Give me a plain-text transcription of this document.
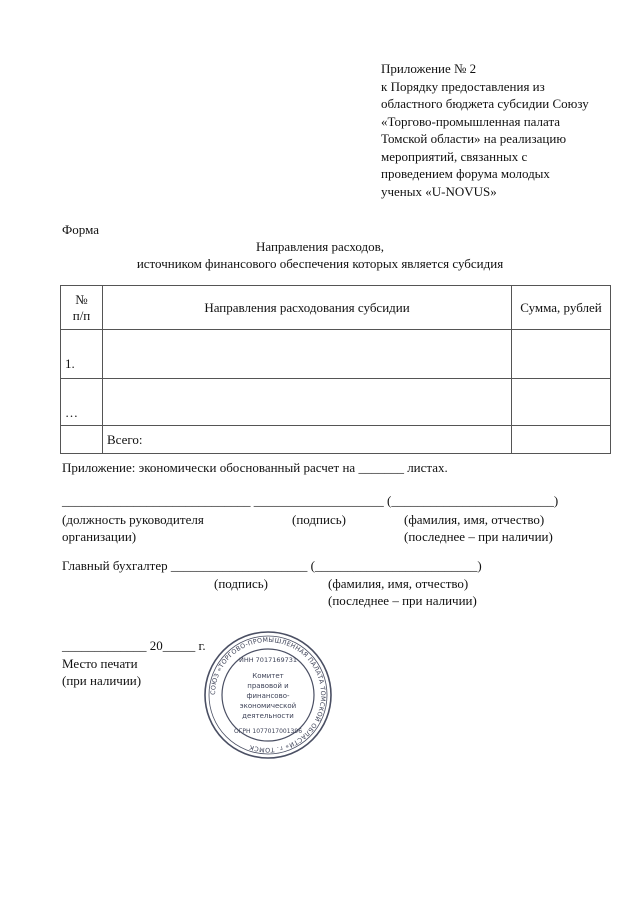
Приложение № 2
к Порядку предоставления из
областного бюджета субсидии Союзу
«Торгово-промышленная палата
Томской области» на реализацию
мероприятий, связанных с
проведением форума молодых
ученых «U-NOVUS»
Форма
Направления расходов,
источником финансового обеспечения которых является субсидия
№
п/п	Направления расходования субсидии	Сумма, рублей
1.		
…		
	Всего:	
Приложение: экономически обоснованный расчет на _______ листах.
_____________________________ ____________________ (_________________________)
(должность руководителя
организации)
(подпись)	(фамилия, имя, отчество)
(последнее – при наличии)
Главный бухгалтер _____________________ (_________________________)
(подпись)	(фамилия, имя, отчество)
(последнее – при наличии)
_____________ 20_____ г.
Место печати
(при наличии)
СОЮЗ «ТОРГОВО-ПРОМЫШЛЕННАЯ ПАЛАТА ТОМСКОЙ ОБЛАСТИ» г. ТОМСК
ИНН 7017169731
Комитет
правовой и
финансово-
экономической
деятельности
ОГРН 1077017001396
